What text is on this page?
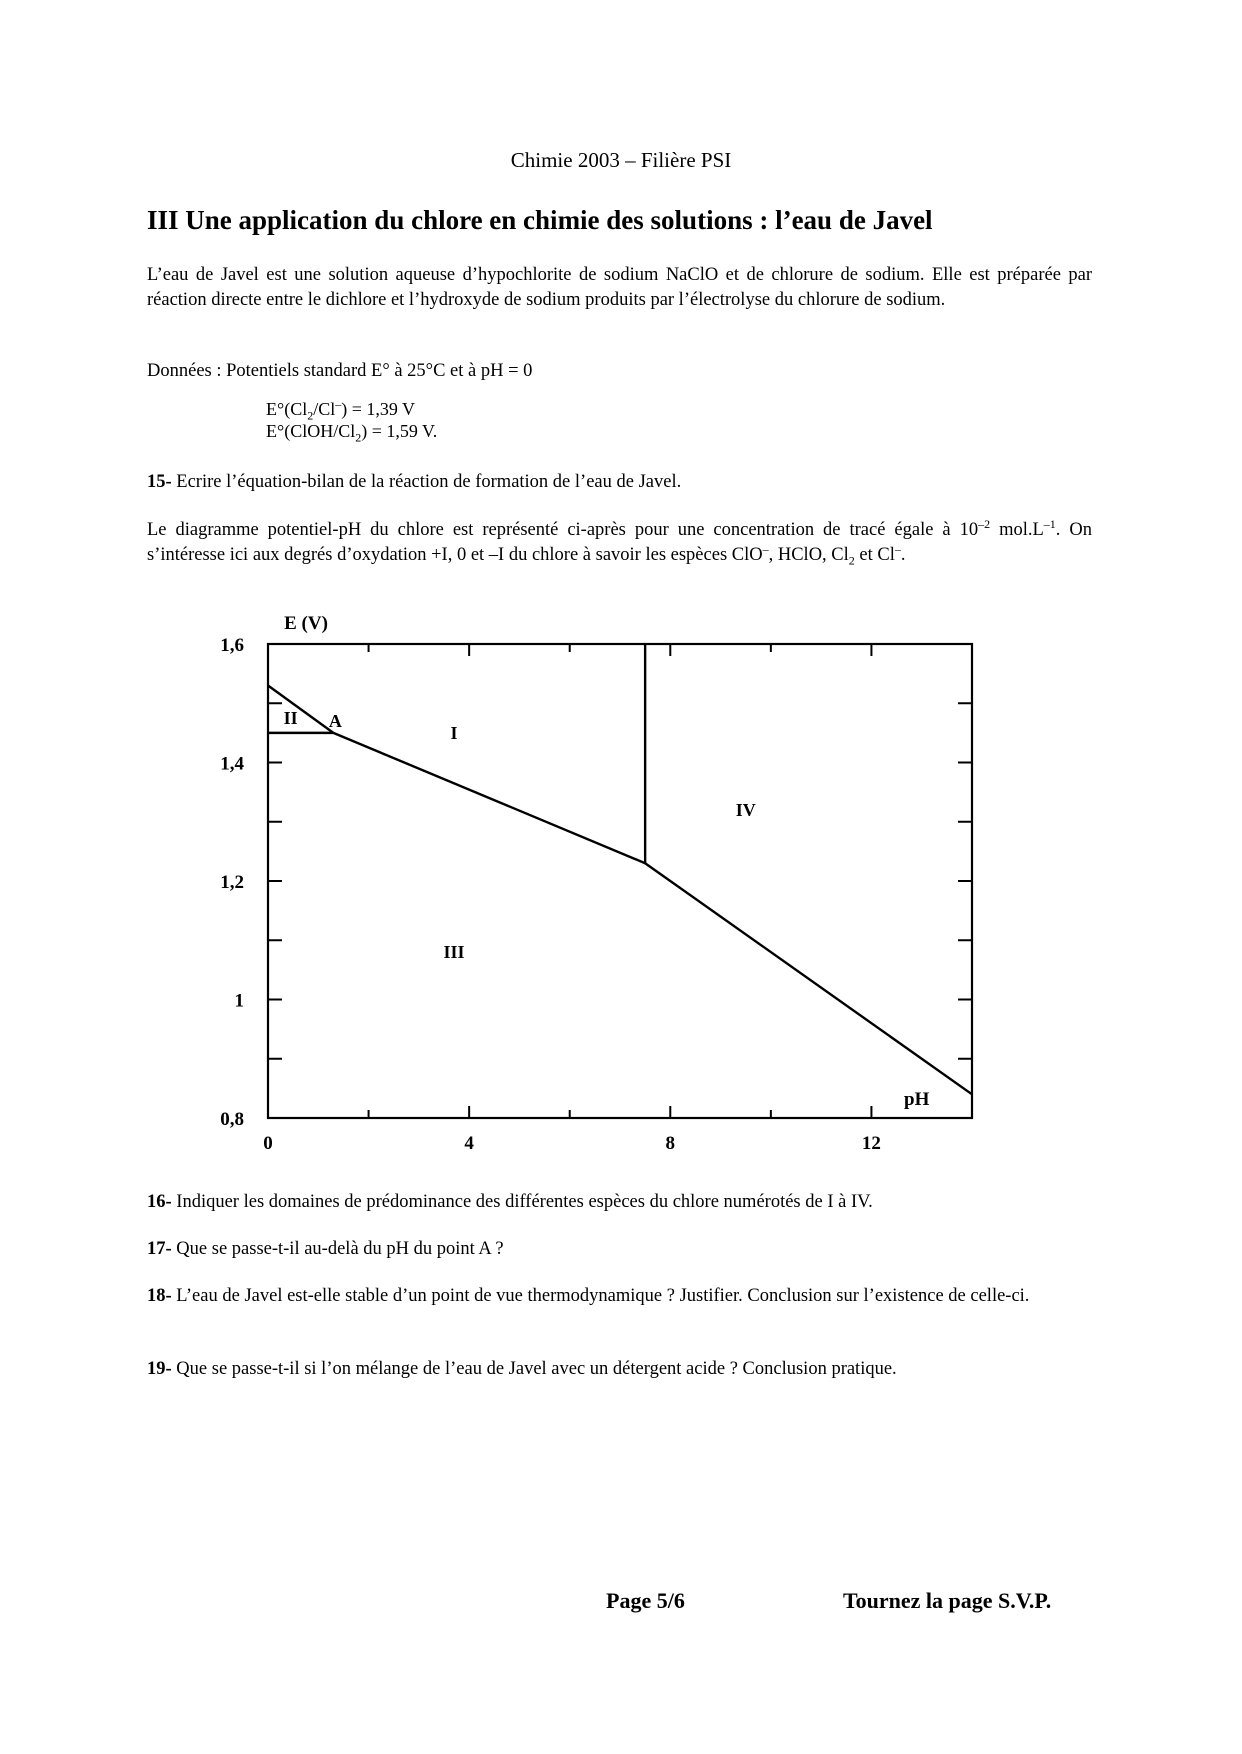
Chimie 2003 – Filière PSI
III Une application du chlore en chimie des solutions : l’eau de Javel
L’eau de Javel est une solution aqueuse d’hypochlorite de sodium NaClO et de chlorure de sodium. Elle est préparée par réaction directe entre le dichlore et l’hydroxyde de sodium produits par l’électrolyse du chlorure de sodium.
Données : Potentiels standard E° à 25°C et à pH = 0
$E^\circ(Cl_2/Cl^-) = 1,39$ V
$E^\circ(ClOH/Cl_2) = 1,59$ V.
15- Ecrire l’équation-bilan de la réaction de formation de l’eau de Javel.
Le diagramme potentiel-pH du chlore est représenté ci-après pour une concentration de tracé égale à $10^{-2}$ $mol.L^{-1}$. On s’intéresse ici aux degrés d’oxydation +I, 0 et –I du chlore à savoir les espèces ClO–, HClO, $Cl_2$ et Cl–.
0	4	8	12
0,8
1
1,2
1,4
1,6
E (V)
pH
A
I
II
III
IV
16- Indiquer les domaines de prédominance des différentes espèces du chlore numérotés de I à IV.
17- Que se passe-t-il au-delà du pH du point A ?
18- L’eau de Javel est-elle stable d’un point de vue thermodynamique ? Justifier. Conclusion sur l’existence de celle-ci.
19- Que se passe-t-il si l’on mélange de l’eau de Javel avec un détergent acide ? Conclusion pratique.
Page 5/6	Tournez la page S.V.P.
